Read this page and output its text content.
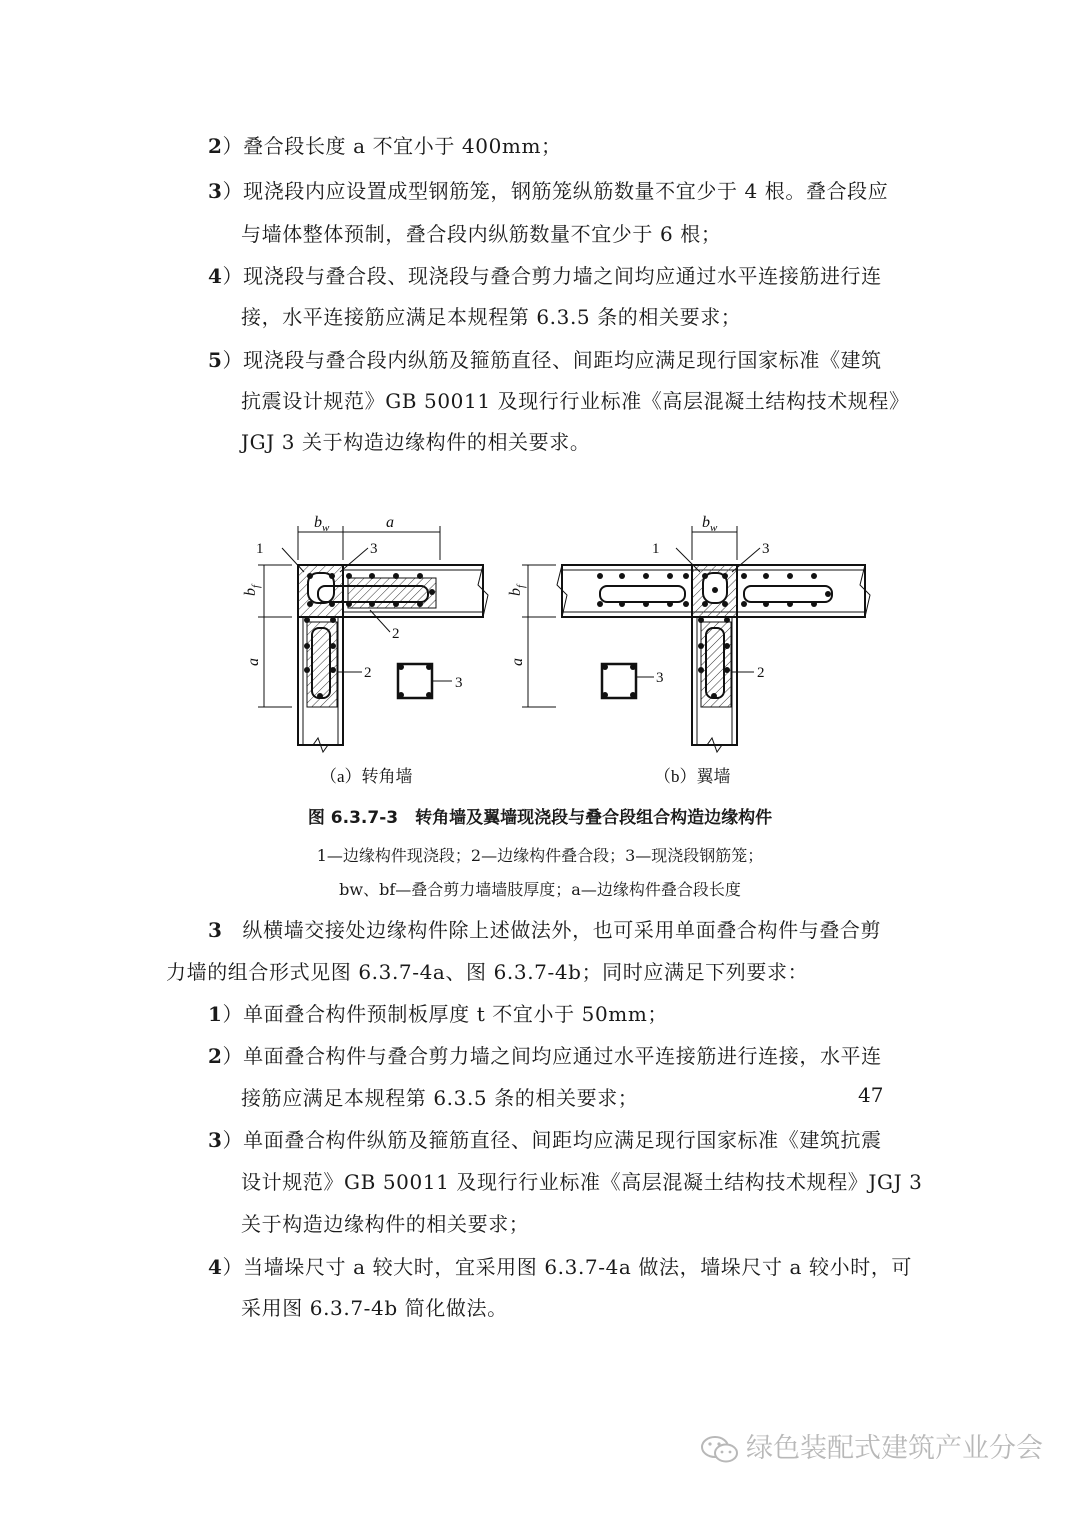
2）叠合段长度 a 不宜小于 400mm；
3）现浇段内应设置成型钢筋笼，钢筋笼纵筋数量不宜少于 4 根。叠合段应
与墙体整体预制，叠合段内纵筋数量不宜少于 6 根；
4）现浇段与叠合段、现浇段与叠合剪力墙之间均应通过水平连接筋进行连
接，水平连接筋应满足本规程第 6.3.5 条的相关要求；
5）现浇段与叠合段内纵筋及箍筋直径、间距均应满足现行国家标准《建筑
抗震设计规范》GB 50011 及现行行业标准《高层混凝土结构技术规程》
JGJ 3 关于构造边缘构件的相关要求。
$b_w$	a
1	3
2
2
3
$b_f$
a
（a）转角墙
$b_w$
1	3
3	2
$b_f$
a
（b）翼墙
图 6.3.7-3　转角墙及翼墙现浇段与叠合段组合构造边缘构件
1—边缘构件现浇段；2—边缘构件叠合段；3—现浇段钢筋笼；
bw、bf—叠合剪力墙墙肢厚度；a—边缘构件叠合段长度
3 纵横墙交接处边缘构件除上述做法外，也可采用单面叠合构件与叠合剪
力墙的组合形式见图 6.3.7-4a、图 6.3.7-4b；同时应满足下列要求：
1）单面叠合构件预制板厚度 t 不宜小于 50mm；
2）单面叠合构件与叠合剪力墙之间均应通过水平连接筋进行连接，水平连
接筋应满足本规程第 6.3.5 条的相关要求；
3）单面叠合构件纵筋及箍筋直径、间距均应满足现行国家标准《建筑抗震
设计规范》GB 50011 及现行行业标准《高层混凝土结构技术规程》JGJ 3
关于构造边缘构件的相关要求；
4）当墙垛尺寸 a 较大时，宜采用图 6.3.7-4a 做法，墙垛尺寸 a 较小时，可
采用图 6.3.7-4b 简化做法。
47
绿色装配式建筑产业分会
